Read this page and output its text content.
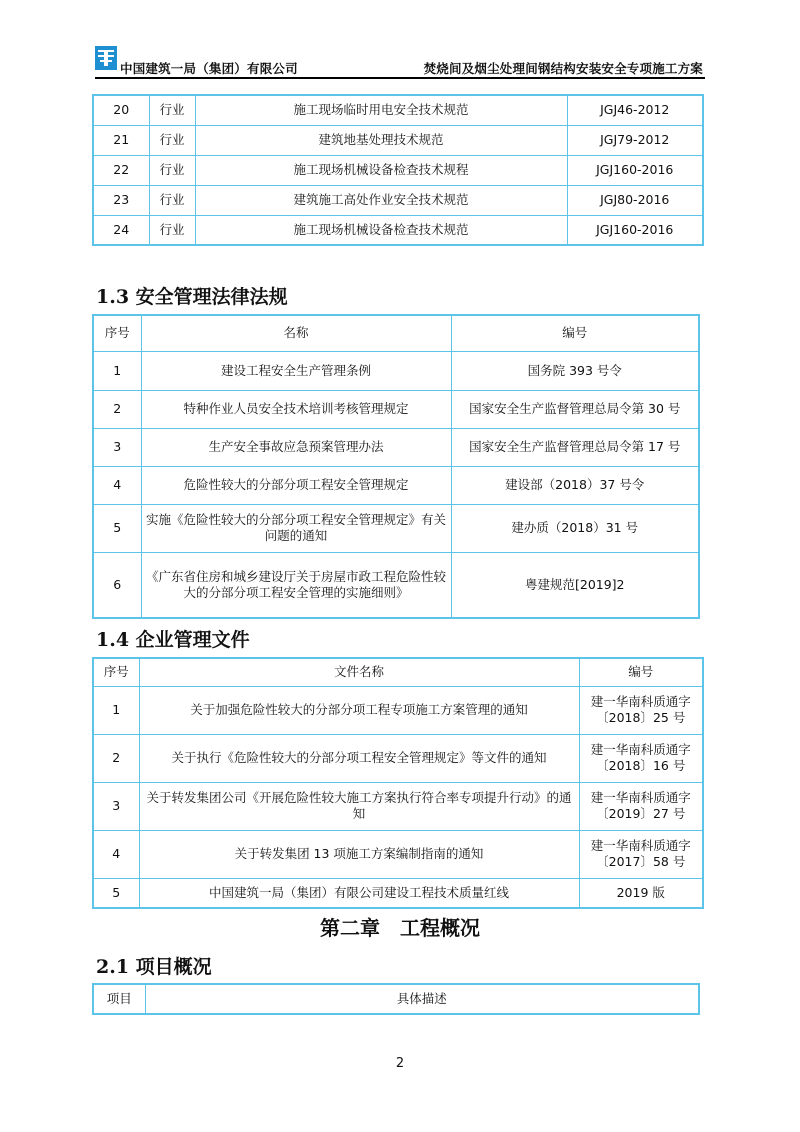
中国建筑一局（集团）有限公司	焚烧间及烟尘处理间钢结构安装安全专项施工方案
20	行业	施工现场临时用电安全技术规范	JGJ46-2012
21	行业	建筑地基处理技术规范	JGJ79-2012
22	行业	施工现场机械设备检查技术规程	JGJ160-2016
23	行业	建筑施工高处作业安全技术规范	JGJ80-2016
24	行业	施工现场机械设备检查技术规范	JGJ160-2016
1.3 安全管理法律法规
序号	名称	编号
1	建设工程安全生产管理条例	国务院 393 号令
2	特种作业人员安全技术培训考核管理规定	国家安全生产监督管理总局令第 30 号
3	生产安全事故应急预案管理办法	国家安全生产监督管理总局令第 17 号
4	危险性较大的分部分项工程安全管理规定	建设部（2018）37 号令
5	实施《危险性较大的分部分项工程安全管理规定》有关问题的通知	建办质（2018）31 号
6	《广东省住房和城乡建设厅关于房屋市政工程危险性较大的分部分项工程安全管理的实施细则》	粤建规范[2019]2
1.4 企业管理文件
序号	文件名称	编号
1	关于加强危险性较大的分部分项工程专项施工方案管理的通知	建一华南科质通字〔2018〕25 号
2	关于执行《危险性较大的分部分项工程安全管理规定》等文件的通知	建一华南科质通字〔2018〕16 号
3	关于转发集团公司《开展危险性较大施工方案执行符合率专项提升行动》的通知	建一华南科质通字〔2019〕27 号
4	关于转发集团 13 项施工方案编制指南的通知	建一华南科质通字〔2017〕58 号
5	中国建筑一局（集团）有限公司建设工程技术质量红线	2019 版
第二章　工程概况
2.1 项目概况
项目	具体描述
2
